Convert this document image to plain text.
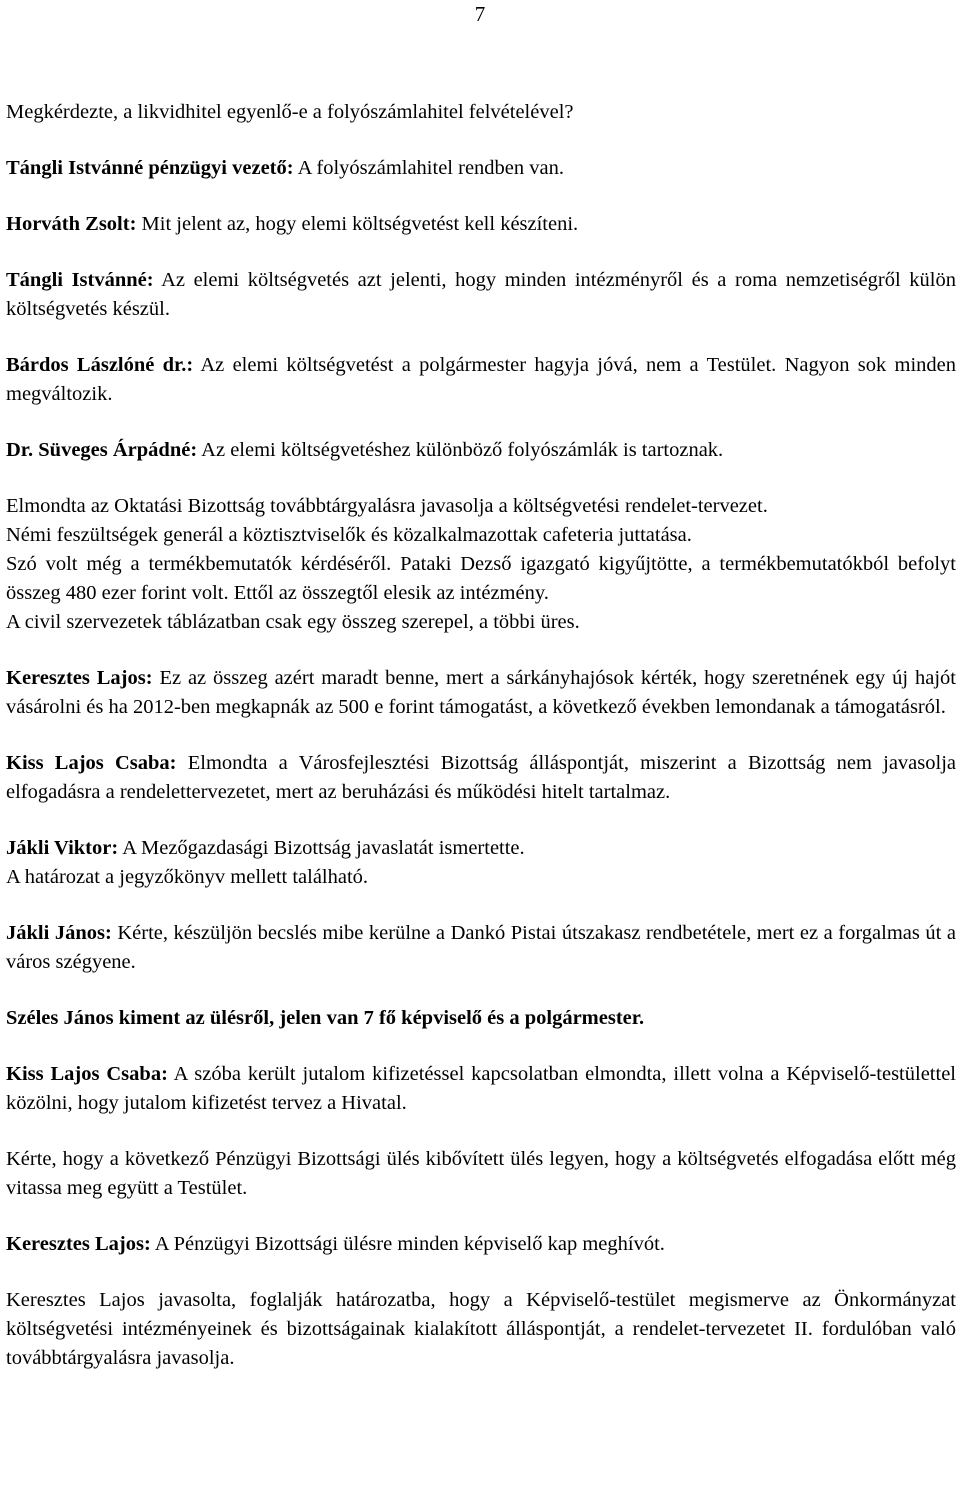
7

Megkérdezte, a likvidhitel egyenlő-e a folyószámlahitel felvételével?

Tángli Istvánné pénzügyi vezető: A folyószámlahitel rendben van.

Horváth Zsolt: Mit jelent az, hogy elemi költségvetést kell készíteni.

Tángli Istvánné: Az elemi költségvetés azt jelenti, hogy minden intézményről és a roma nemzetiségről külön költségvetés készül.

Bárdos Lászlóné dr.: Az elemi költségvetést a polgármester hagyja jóvá, nem a Testület. Nagyon sok minden megváltozik.

Dr. Süveges Árpádné: Az elemi költségvetéshez különböző folyószámlák is tartoznak.

Elmondta az Oktatási Bizottság továbbtárgyalásra javasolja a költségvetési rendelet-tervezet.

Némi feszültségek generál a köztisztviselők és közalkalmazottak cafeteria juttatása.

Szó volt még a termékbemutatók kérdéséről. Pataki Dezső igazgató kigyűjtötte, a termékbemutatókból befolyt összeg 480 ezer forint volt. Ettől az összegtől elesik az intézmény.

A civil szervezetek táblázatban csak egy összeg szerepel, a többi üres.

Keresztes Lajos: Ez az összeg azért maradt benne, mert a sárkányhajósok kérték, hogy szeretnének egy új hajót vásárolni és ha 2012-ben megkapnák az 500 e forint támogatást, a következő években lemondanak a támogatásról.

Kiss Lajos Csaba: Elmondta a Városfejlesztési Bizottság álláspontját, miszerint a Bizottság nem javasolja elfogadásra a rendelettervezetet, mert az beruházási és működési hitelt tartalmaz.

Jákli Viktor: A Mezőgazdasági Bizottság javaslatát ismertette.

A határozat a jegyzőkönyv mellett található.

Jákli János: Kérte, készüljön becslés mibe kerülne a Dankó Pistai útszakasz rendbetétele, mert ez a forgalmas út a város szégyene.

Széles János kiment az ülésről, jelen van 7 fő képviselő és a polgármester.

Kiss Lajos Csaba: A szóba került jutalom kifizetéssel kapcsolatban elmondta, illett volna a Képviselő-testülettel közölni, hogy jutalom kifizetést tervez a Hivatal.

Kérte, hogy a következő Pénzügyi Bizottsági ülés kibővített ülés legyen, hogy a költségvetés elfogadása előtt még vitassa meg együtt a Testület.

Keresztes Lajos: A Pénzügyi Bizottsági ülésre minden képviselő kap meghívót.

Keresztes Lajos javasolta, foglalják határozatba, hogy a Képviselő-testület megismerve az Önkormányzat költségvetési intézményeinek és bizottságainak kialakított álláspontját, a rendelet-tervezetet II. fordulóban való továbbtárgyalásra javasolja.
